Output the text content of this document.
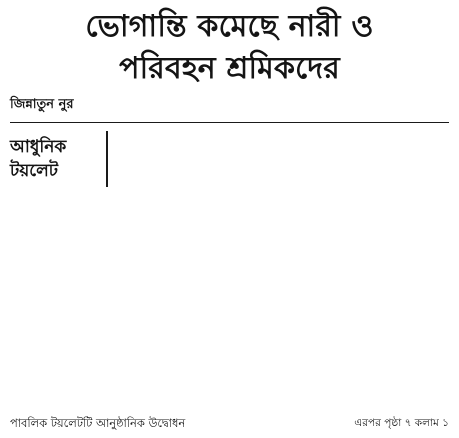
ভোগান্তি কমেছে নারী ও
পরিবহন শ্রমিকদের
জিন্নাতুন নুর
আধুনিক
টয়লেট
পাবলিক টয়লেটটি আনুষ্ঠানিক উদ্বোধন	এরপর পৃষ্ঠা ৭ কলাম ১
